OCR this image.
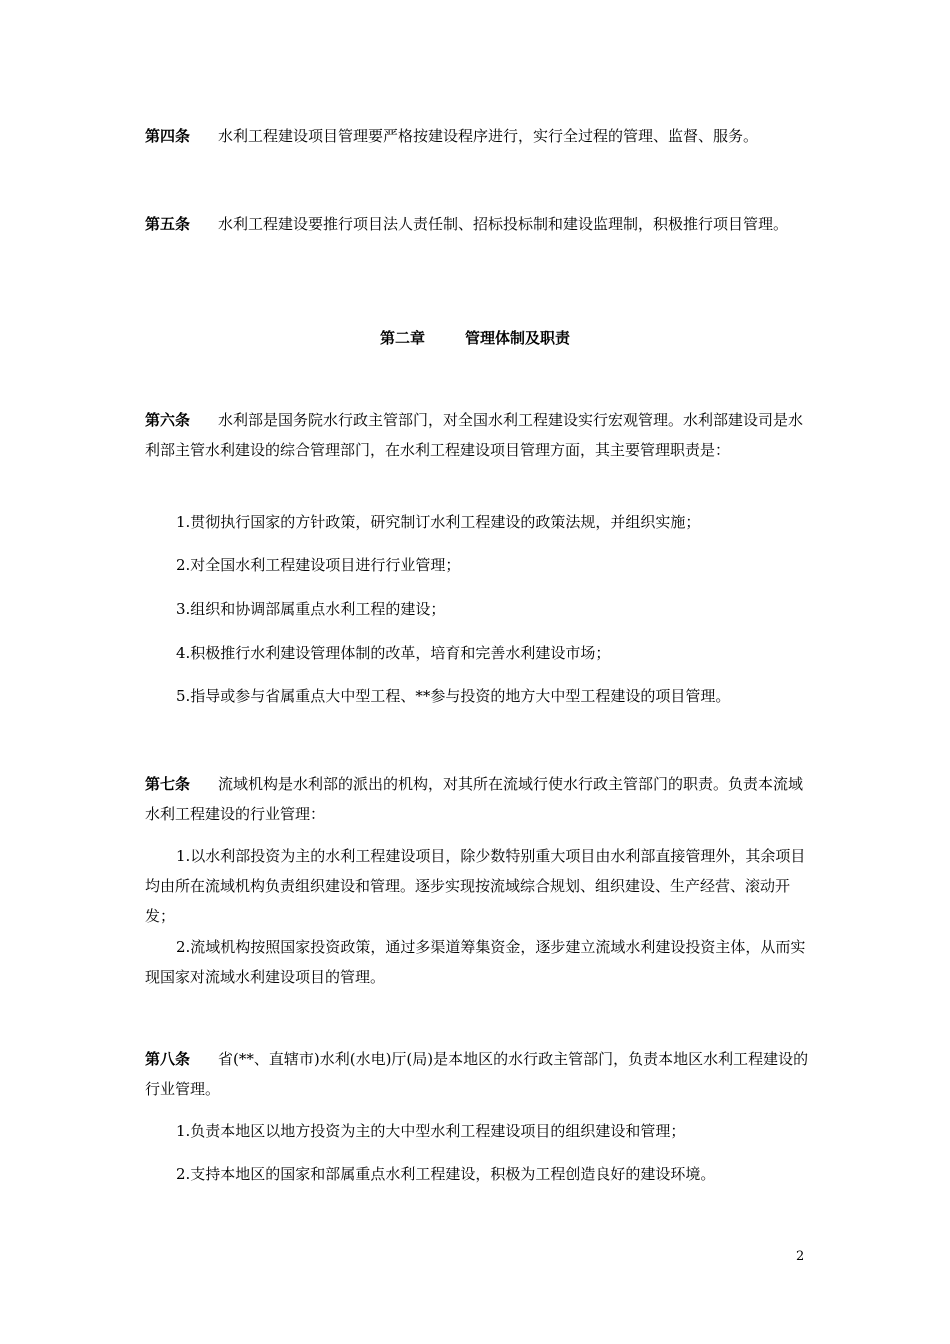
第四条 水利工程建设项目管理要严格按建设程序进行，实行全过程的管理、监督、服务。

第五条 水利工程建设要推行项目法人责任制、招标投标制和建设监理制，积极推行项目管理。

第二章	管理体制及职责

第六条 水利部是国务院水行政主管部门，对全国水利工程建设实行宏观管理。水利部建设司是水利部主管水利建设的综合管理部门，在水利工程建设项目管理方面，其主要管理职责是：

1.贯彻执行国家的方针政策，研究制订水利工程建设的政策法规，并组织实施；

2.对全国水利工程建设项目进行行业管理；

3.组织和协调部属重点水利工程的建设；

4.积极推行水利建设管理体制的改革，培育和完善水利建设市场；

5.指导或参与省属重点大中型工程、**参与投资的地方大中型工程建设的项目管理。

第七条 流域机构是水利部的派出的机构，对其所在流域行使水行政主管部门的职责。负责本流域水利工程建设的行业管理：

1.以水利部投资为主的水利工程建设项目，除少数特别重大项目由水利部直接管理外，其余项目均由所在流域机构负责组织建设和管理。逐步实现按流域综合规划、组织建设、生产经营、滚动开发；

2.流域机构按照国家投资政策，通过多渠道筹集资金，逐步建立流域水利建设投资主体，从而实现国家对流域水利建设项目的管理。

第八条 省(**、直辖市)水利(水电)厅(局)是本地区的水行政主管部门，负责本地区水利工程建设的行业管理。

1.负责本地区以地方投资为主的大中型水利工程建设项目的组织建设和管理；

2.支持本地区的国家和部属重点水利工程建设，积极为工程创造良好的建设环境。

2
